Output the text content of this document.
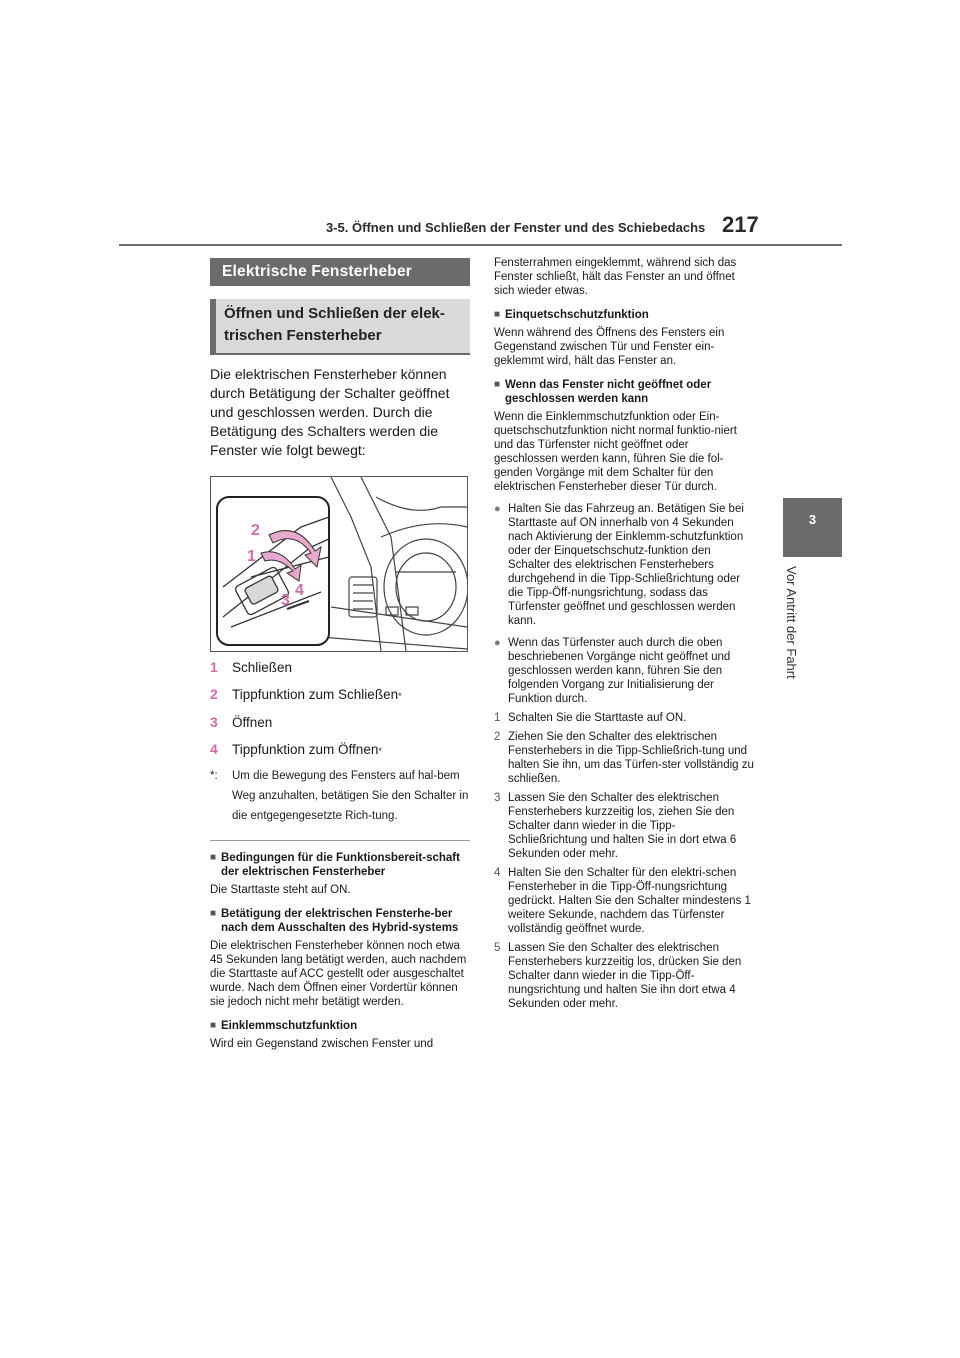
3-5. Öffnen und Schließen der Fenster und des Schiebedachs 217
3
Vor Antritt der Fahrt
Elektrische Fensterheber
Öffnen und Schließen der elek-trischen Fensterheber
Die elektrischen Fensterheber können durch Betätigung der Schalter geöffnet und geschlossen werden. Durch die Betätigung des Schalters werden die Fenster wie folgt bewegt:
2
1
3
4
1	Schließen
2	Tippfunktion zum Schließen *
3	Öffnen
4	Tippfunktion zum Öffnen *
*:	Um die Bewegung des Fensters auf hal-bem Weg anzuhalten, betätigen Sie den Schalter in die entgegengesetzte Rich-tung.
■ Bedingungen für die Funktionsbereit-schaft der elektrischen Fensterheber
Die Starttaste steht auf ON.
■ Betätigung der elektrischen Fensterhe-ber nach dem Ausschalten des Hybrid-systems
Die elektrischen Fensterheber können noch etwa 45 Sekunden lang betätigt werden, auch nachdem die Starttaste auf ACC gestellt oder ausgeschaltet wurde. Nach dem Öffnen einer Vordertür können sie jedoch nicht mehr betätigt werden.
■ Einklemmschutzfunktion
Wird ein Gegenstand zwischen Fenster und
Fensterrahmen eingeklemmt, während sich das Fenster schließt, hält das Fenster an und öffnet sich wieder etwas.
■ Einquetschschutzfunktion
Wenn während des Öffnens des Fensters ein Gegenstand zwischen Tür und Fenster ein-geklemmt wird, hält das Fenster an.
■ Wenn das Fenster nicht geöffnet oder geschlossen werden kann
Wenn die Einklemmschutzfunktion oder Ein-quetschschutzfunktion nicht normal funktio-niert und das Türfenster nicht geöffnet oder geschlossen werden kann, führen Sie die fol-genden Vorgänge mit dem Schalter für den elektrischen Fensterheber dieser Tür durch.
● Halten Sie das Fahrzeug an. Betätigen Sie bei Starttaste auf ON innerhalb von 4 Sekunden nach Aktivierung der Einklemm-schutzfunktion oder der Einquetschschutz-funktion den Schalter des elektrischen Fensterhebers durchgehend in die Tipp-Schließrichtung oder die Tipp-Öff-nungsrichtung, sodass das Türfenster geöffnet und geschlossen werden kann.
● Wenn das Türfenster auch durch die oben beschriebenen Vorgänge nicht geöffnet und geschlossen werden kann, führen Sie den folgenden Vorgang zur Initialisierung der Funktion durch.
1 Schalten Sie die Starttaste auf ON.
2 Ziehen Sie den Schalter des elektrischen Fensterhebers in die Tipp-Schließrich-tung und halten Sie ihn, um das Türfen-ster vollständig zu schließen.
3 Lassen Sie den Schalter des elektrischen Fensterhebers kurzzeitig los, ziehen Sie den Schalter dann wieder in die Tipp-Schließrichtung und halten Sie in dort etwa 6 Sekunden oder mehr.
4 Halten Sie den Schalter für den elektri-schen Fensterheber in die Tipp-Öff-nungsrichtung gedrückt. Halten Sie den Schalter mindestens 1 weitere Sekunde, nachdem das Türfenster vollständig geöffnet wurde.
5 Lassen Sie den Schalter des elektrischen Fensterhebers kurzzeitig los, drücken Sie den Schalter dann wieder in die Tipp-Öff-nungsrichtung und halten Sie ihn dort etwa 4 Sekunden oder mehr.
